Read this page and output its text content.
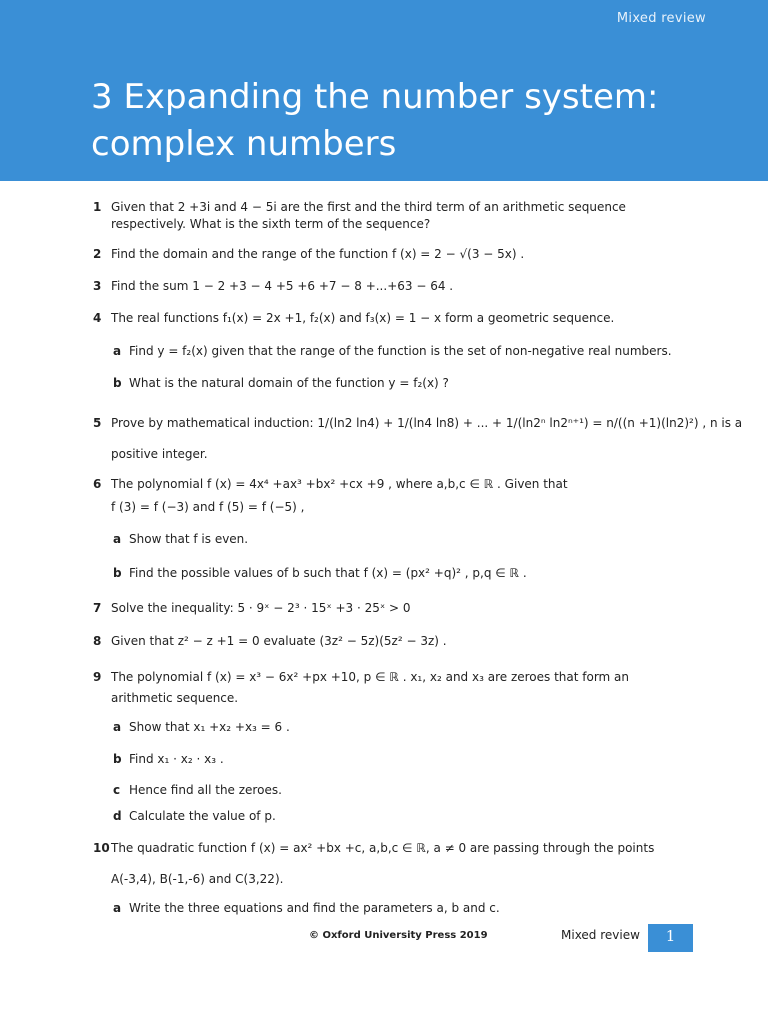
Mixed review
3 Expanding the number system: complex numbers
1 Given that 2 +3i and 4 − 5i are the first and the third term of an arithmetic sequence
respectively. What is the sixth term of the sequence?
2 Find the domain and the range of the function f (x) = 2 − √(3 − 5x) .
3 Find the sum 1 − 2 +3 − 4 +5 +6 +7 − 8 +...+63 − 64 .
4 The real functions f₁(x) = 2x +1, f₂(x) and f₃(x) = 1 − x form a geometric sequence.
a Find y = f₂(x) given that the range of the function is the set of non-negative real numbers.
b What is the natural domain of the function y = f₂(x) ?
5 Prove by mathematical induction: 1/(ln2 ln4) + 1/(ln4 ln8) + ... + 1/(ln2ⁿ ln2ⁿ⁺¹) = n/((n +1)(ln2)²) , n is a
positive integer.
6 The polynomial f (x) = 4x⁴ +ax³ +bx² +cx +9 , where a,b,c ∈ ℝ . Given that
f (3) = f (−3) and f (5) = f (−5) ,
a Show that f is even.
b Find the possible values of b such that f (x) = (px² +q)² , p,q ∈ ℝ .
7 Solve the inequality: 5 · 9ˣ − 2³ · 15ˣ +3 · 25ˣ > 0
8 Given that z² − z +1 = 0 evaluate (3z² − 5z)(5z² − 3z) .
9 The polynomial f (x) = x³ − 6x² +px +10, p ∈ ℝ . x₁, x₂ and x₃ are zeroes that form an
arithmetic sequence.
a Show that x₁ +x₂ +x₃ = 6 .
b Find x₁ · x₂ · x₃ .
c Hence find all the zeroes.
d Calculate the value of p.
10 The quadratic function f (x) = ax² +bx +c, a,b,c ∈ ℝ, a ≠ 0 are passing through the points
A(-3,4), B(-1,-6) and C(3,22).
a Write the three equations and find the parameters a, b and c.
© Oxford University Press 2019	Mixed review	1
